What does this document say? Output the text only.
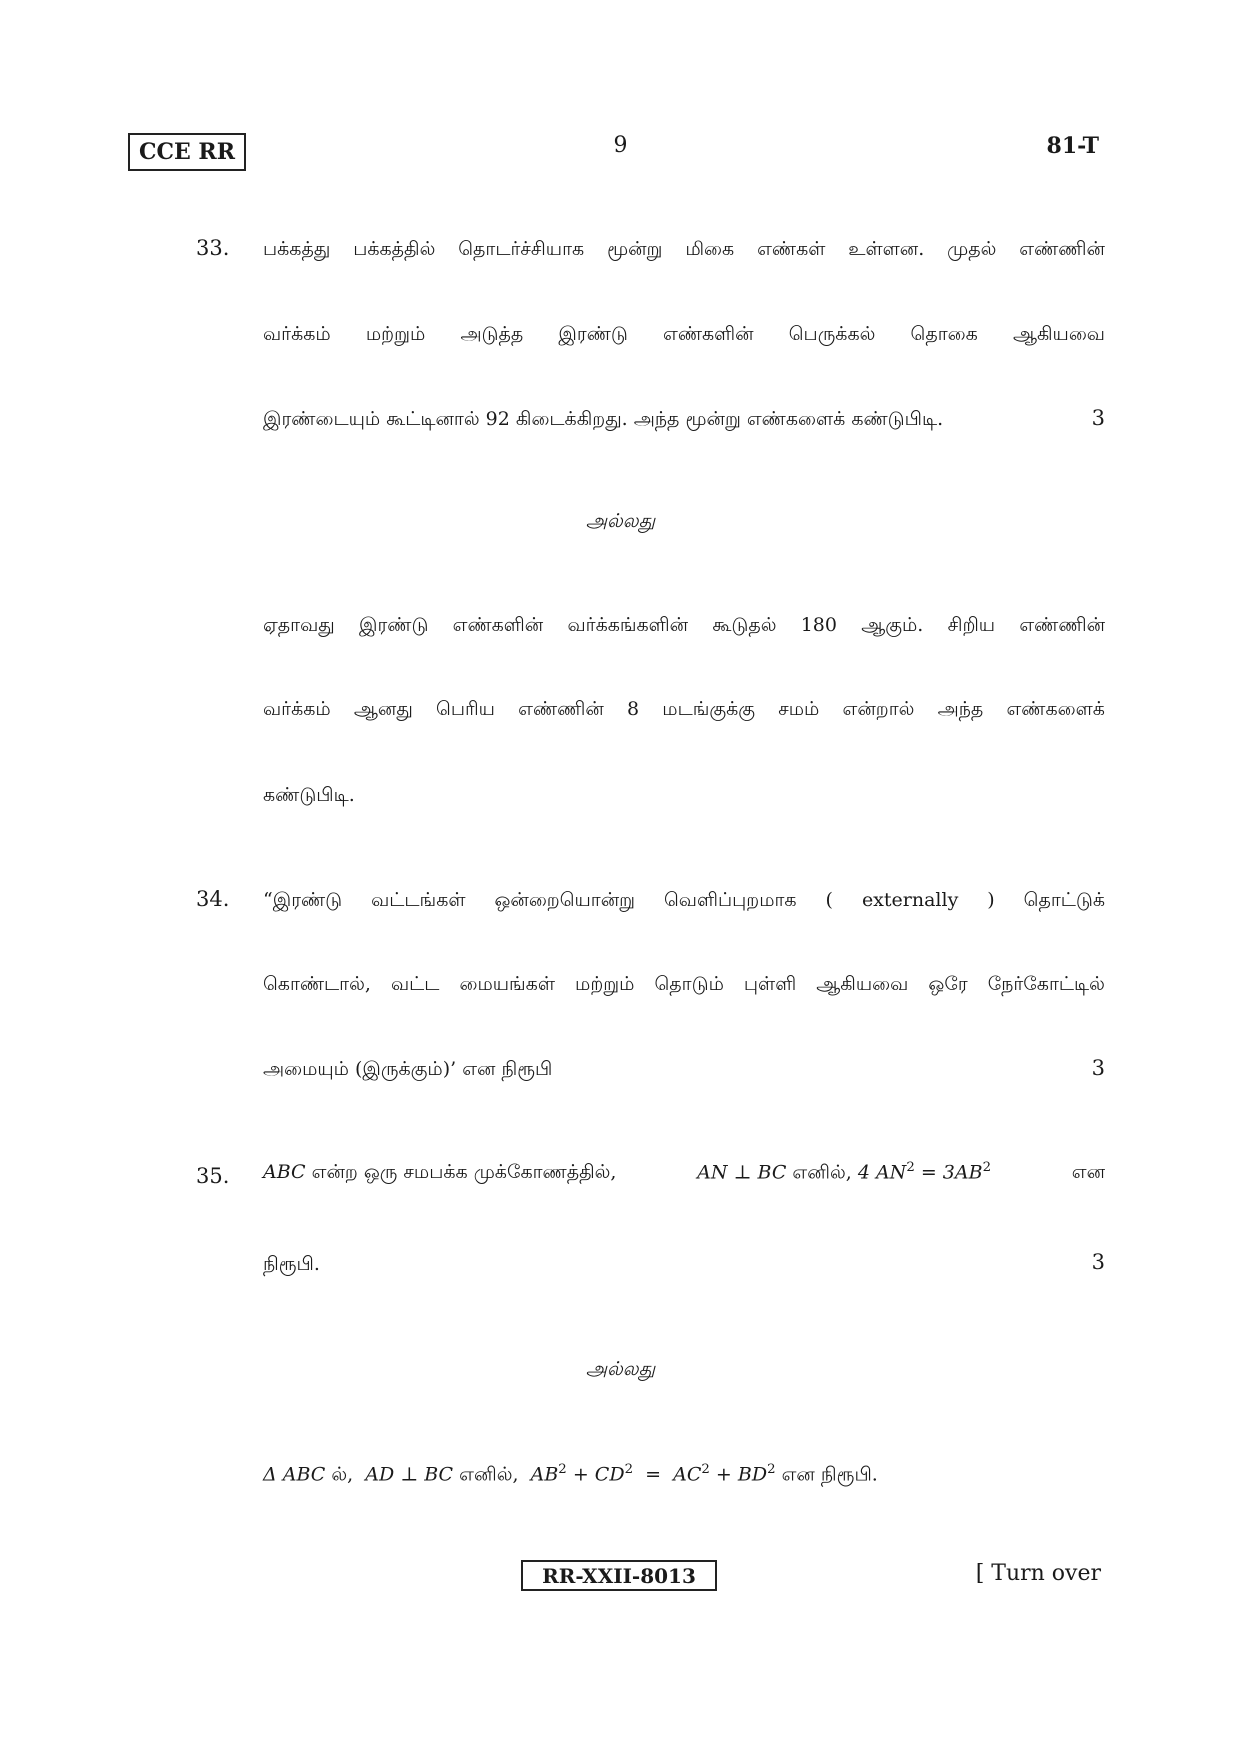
CCE RR	9	81-T
33. பக்கத்து பக்கத்தில் தொடர்ச்சியாக மூன்று மிகை எண்கள் உள்ளன. முதல் எண்ணின்
வர்க்கம் மற்றும் அடுத்த இரண்டு எண்களின் பெருக்கல் தொகை ஆகியவை
இரண்டையும் கூட்டினால் 92 கிடைக்கிறது. அந்த மூன்று எண்களைக் கண்டுபிடி.	3
அல்லது
ஏதாவது இரண்டு எண்களின் வர்க்கங்களின் கூடுதல் 180 ஆகும். சிறிய எண்ணின்
வர்க்கம் ஆனது பெரிய எண்ணின் 8 மடங்குக்கு சமம் என்றால் அந்த எண்களைக்
கண்டுபிடி.
34. “இரண்டு வட்டங்கள் ஒன்றையொன்று வெளிப்புறமாக ( externally ) தொட்டுக்
கொண்டால், வட்ட மையங்கள் மற்றும் தொடும் புள்ளி ஆகியவை ஒரே நேர்கோட்டில்
அமையும் (இருக்கும்)’ என நிரூபி	3
35. ABC என்ற ஒரு சமபக்க முக்கோணத்தில்,	AN ⊥ BC எனில், 4 $AN^2 = 3AB^2$	என
நிரூபி.	3
அல்லது
Δ ABC ல், AD ⊥ BC எனில், $AB^2 + CD^2 = AC^2 + BD^2$ என நிரூபி.
RR-XXII-8013	[ Turn over
